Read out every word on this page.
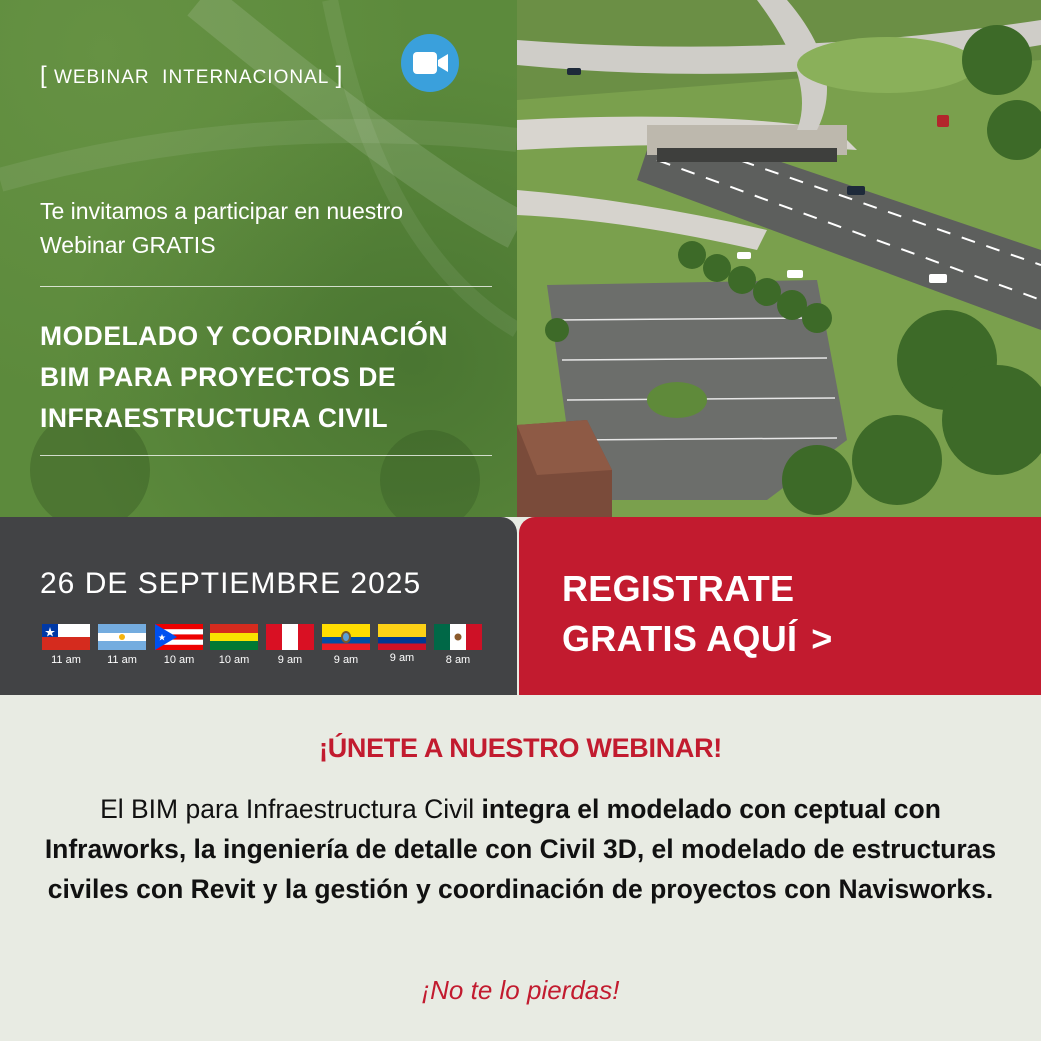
[ WEBINAR  INTERNACIONAL ]
Te invitamos a participar en nuestro
Webinar GRATIS
MODELADO Y COORDINACIÓN
BIM PARA PROYECTOS DE
INFRAESTRUCTURA CIVIL
26 DE SEPTIEMBRE 2025
11 am	11 am	10 am	10 am	9 am	9 am	9 am	8 am
REGISTRATE
GRATIS AQUÍ >
¡ÚNETE A NUESTRO WEBINAR!
El BIM para Infraestructura Civil integra el modelado con ceptual con Infraworks, la ingeniería de detalle con Civil 3D, el modelado de estructuras civiles con Revit y la gestión y coordinación de proyectos con Navisworks.
¡No te lo pierdas!
